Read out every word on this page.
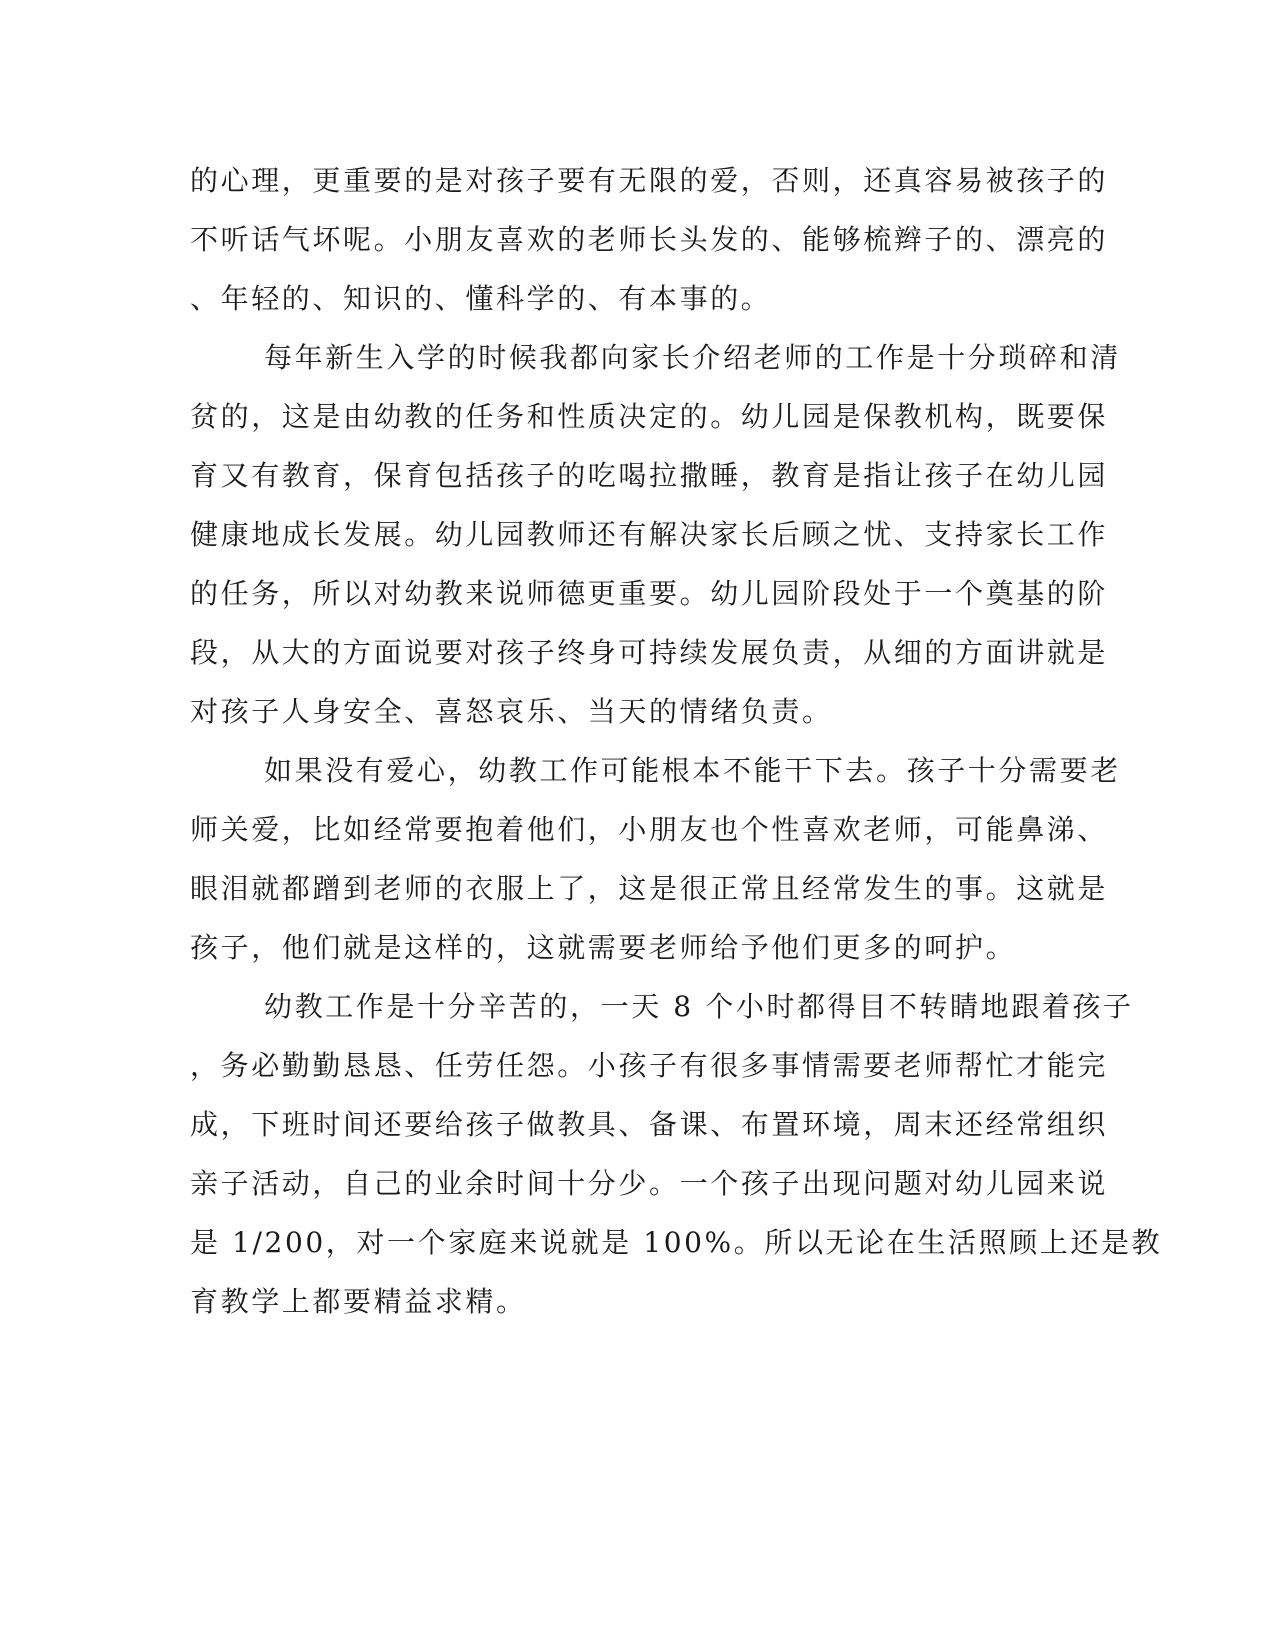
的心理，更重要的是对孩子要有无限的爱，否则，还真容易被孩子的
不听话气坏呢。小朋友喜欢的老师长头发的、能够梳辫子的、漂亮的
、年轻的、知识的、懂科学的、有本事的。
每年新生入学的时候我都向家长介绍老师的工作是十分琐碎和清
贫的，这是由幼教的任务和性质决定的。幼儿园是保教机构，既要保
育又有教育，保育包括孩子的吃喝拉撒睡，教育是指让孩子在幼儿园
健康地成长发展。幼儿园教师还有解决家长后顾之忧、支持家长工作
的任务，所以对幼教来说师德更重要。幼儿园阶段处于一个奠基的阶
段，从大的方面说要对孩子终身可持续发展负责，从细的方面讲就是
对孩子人身安全、喜怒哀乐、当天的情绪负责。
如果没有爱心，幼教工作可能根本不能干下去。孩子十分需要老
师关爱，比如经常要抱着他们，小朋友也个性喜欢老师，可能鼻涕、
眼泪就都蹭到老师的衣服上了，这是很正常且经常发生的事。这就是
孩子，他们就是这样的，这就需要老师给予他们更多的呵护。
幼教工作是十分辛苦的，一天 8 个小时都得目不转睛地跟着孩子
，务必勤勤恳恳、任劳任怨。小孩子有很多事情需要老师帮忙才能完
成，下班时间还要给孩子做教具、备课、布置环境，周末还经常组织
亲子活动，自己的业余时间十分少。一个孩子出现问题对幼儿园来说
是 1/200，对一个家庭来说就是 100%。所以无论在生活照顾上还是教
育教学上都要精益求精。
